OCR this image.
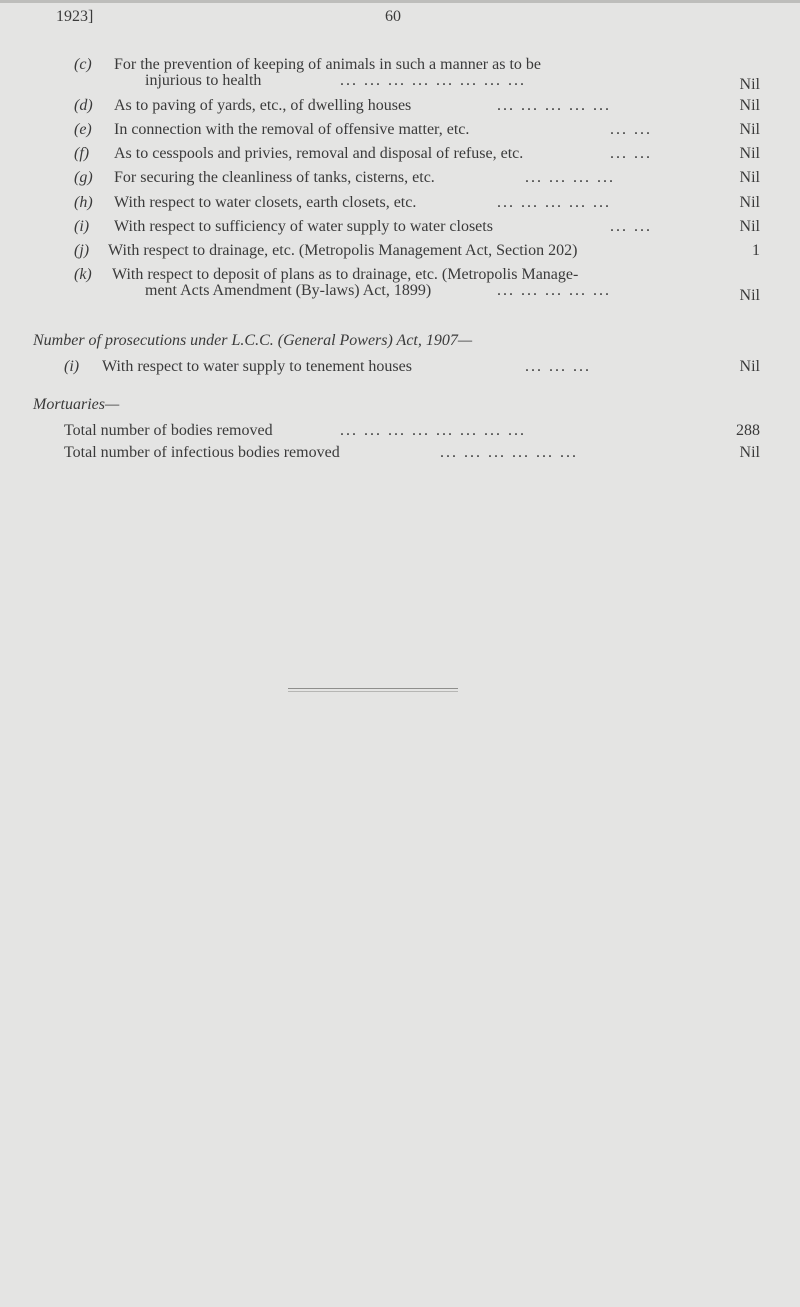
1923]	60
(c) For the prevention of keeping of animals in such a manner as to be
injurious to health	... ... ... ... ... ... ... ...	Nil
(d) As to paving of yards, etc., of dwelling houses	... ... ... ... ...	Nil
(e) In connection with the removal of offensive matter, etc.	... ...	Nil
(f) As to cesspools and privies, removal and disposal of refuse, etc.	... ...	Nil
(g) For securing the cleanliness of tanks, cisterns, etc.	... ... ... ...	Nil
(h) With respect to water closets, earth closets, etc.	... ... ... ... ...	Nil
(i) With respect to sufficiency of water supply to water closets	... ...	Nil
(j) With respect to drainage, etc. (Metropolis Management Act, Section 202)	1
(k) With respect to deposit of plans as to drainage, etc. (Metropolis Manage-
ment Acts Amendment (By-laws) Act, 1899)	... ... ... ... ...	Nil
Number of prosecutions under L.C.C. (General Powers) Act, 1907—
(i) With respect to water supply to tenement houses	... ... ...	Nil
Mortuaries—
Total number of bodies removed	... ... ... ... ... ... ... ...	288
Total number of infectious bodies removed	... ... ... ... ... ...	Nil
